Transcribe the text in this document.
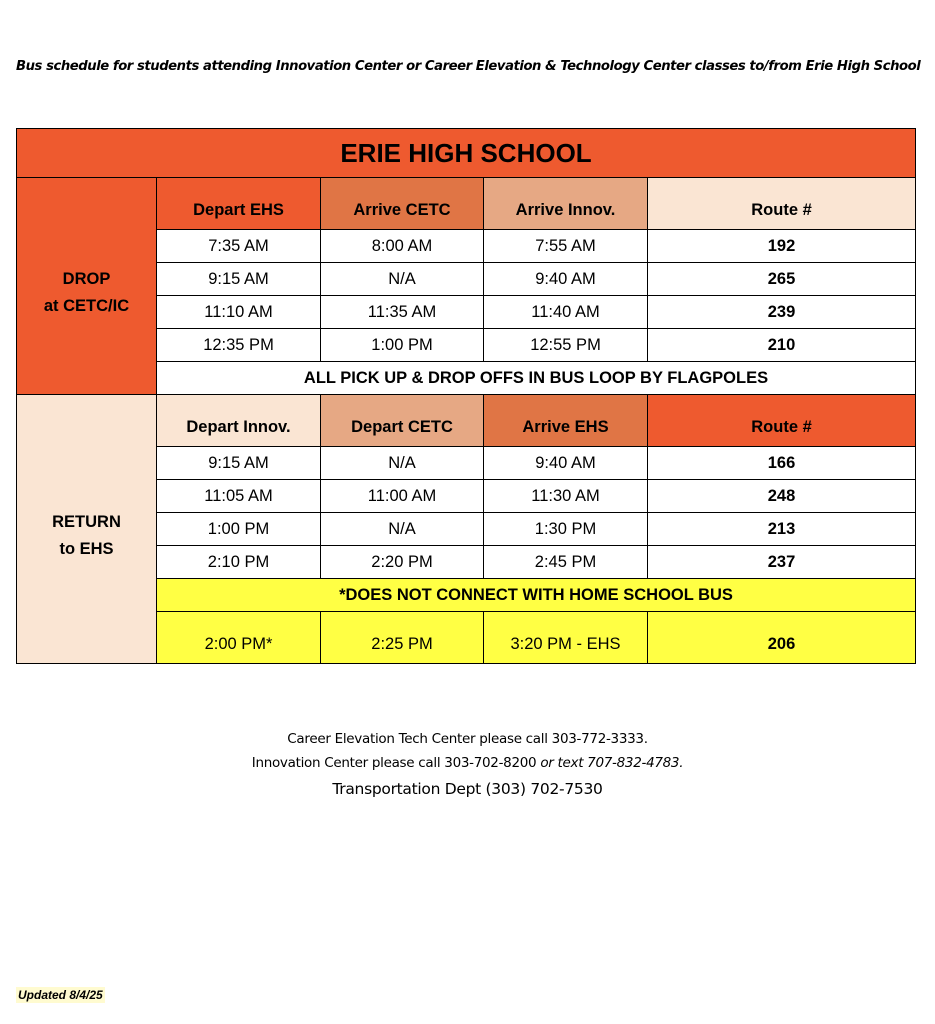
Bus schedule for students attending Innovation Center or Career Elevation & Technology Center classes to/from Erie High School
ERIE HIGH SCHOOL				
DROP
at CETC/IC	Depart EHS	Arrive CETC	Arrive Innov.	Route #
	7:35 AM	8:00 AM	7:55 AM	192
	9:15 AM	N/A	9:40 AM	265
	11:10 AM	11:35 AM	11:40 AM	239
	12:35 PM	1:00 PM	12:55 PM	210
	ALL PICK UP & DROP OFFS IN BUS LOOP BY FLAGPOLES			
RETURN
to EHS	Depart Innov.	Depart CETC	Arrive EHS	Route #
	9:15 AM	N/A	9:40 AM	166
	11:05 AM	11:00 AM	11:30 AM	248
	1:00 PM	N/A	1:30 PM	213
	2:10 PM	2:20 PM	2:45 PM	237
	*DOES NOT CONNECT WITH HOME SCHOOL BUS			
	2:00 PM*	2:25 PM	3:20 PM - EHS	206
Career Elevation Tech Center please call 303-772-3333.
Innovation Center please call 303-702-8200 or text 707-832-4783.
Transportation Dept (303) 702-7530
Updated 8/4/25
